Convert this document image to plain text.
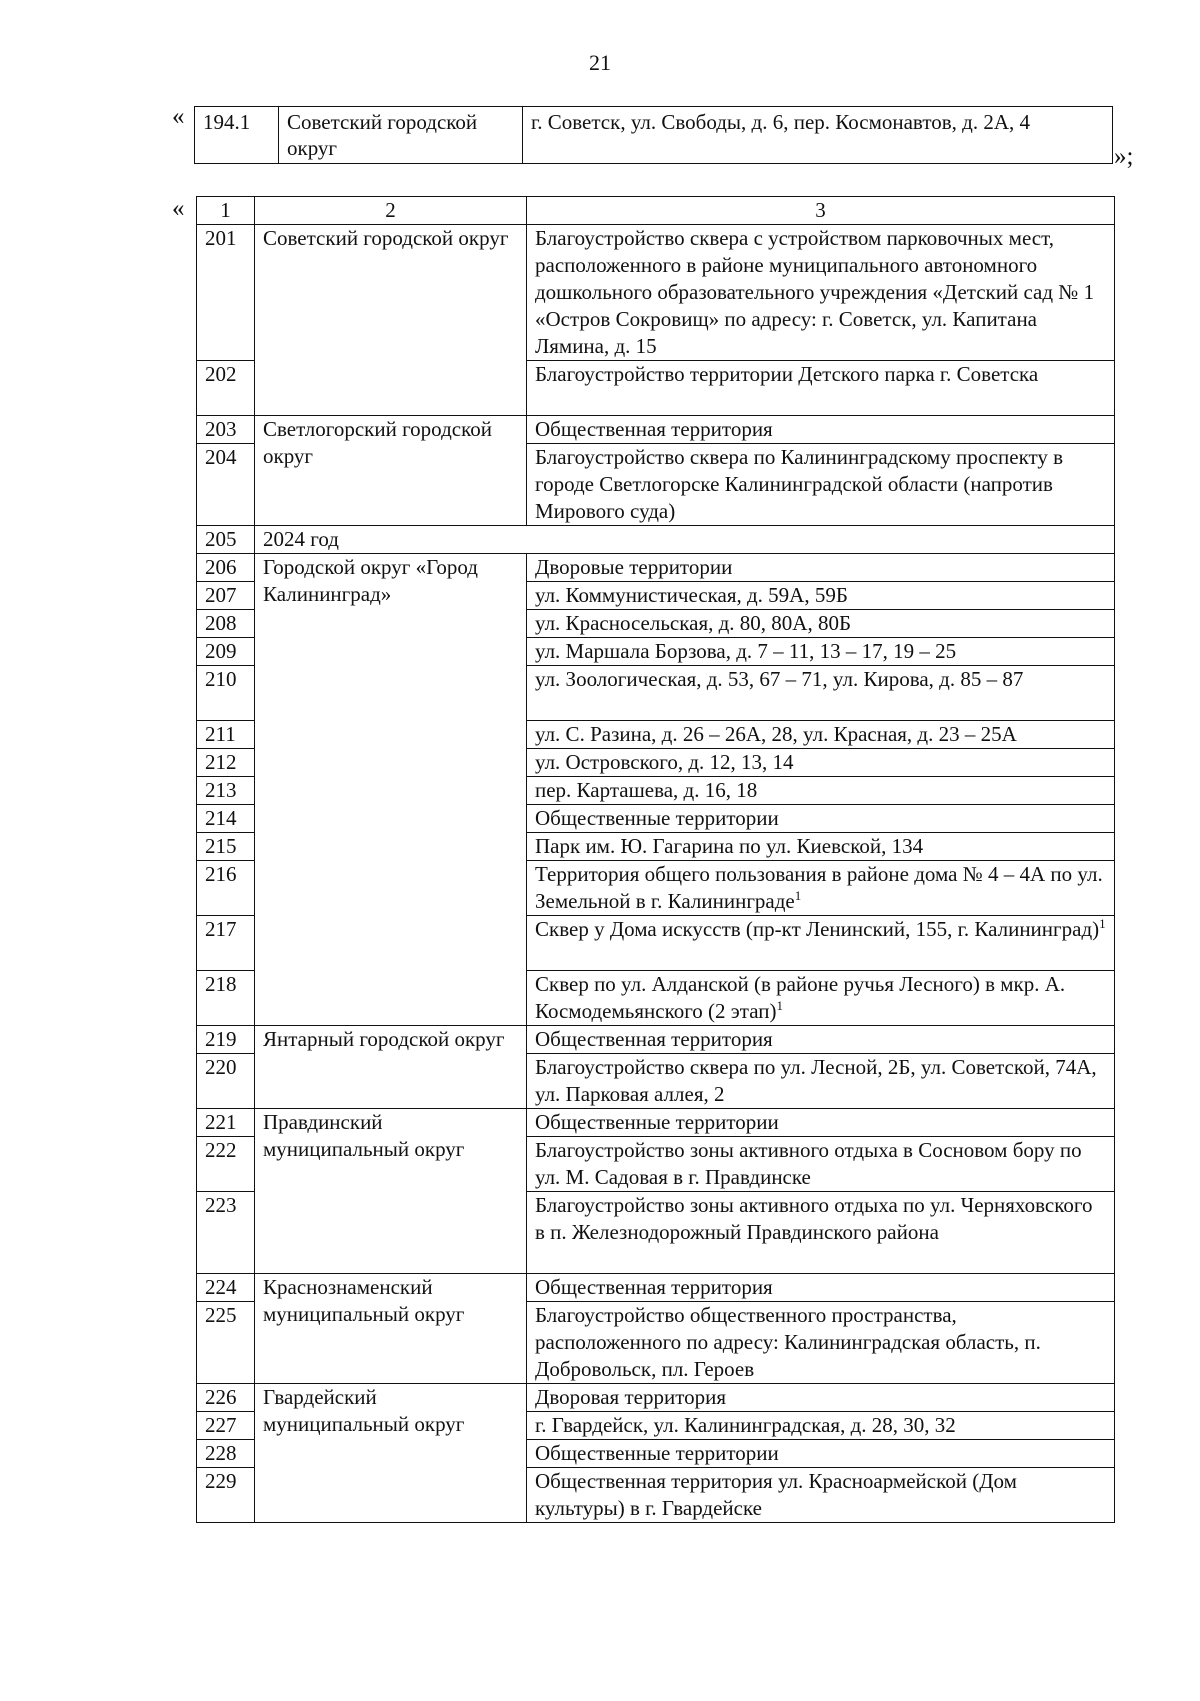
21
«
»;
«
194.1	Советский городской округ	г. Советск, ул. Свободы, д. 6, пер. Космонавтов, д. 2А, 4
1	2	3
201	Советский городской округ	Благоустройство сквера с устройством парковочных мест, расположенного в районе муниципального автономного дошкольного образовательного учреждения «Детский сад № 1 «Остров Сокровищ» по адресу: г. Советск, ул. Капитана Лямина, д. 15
202		Благоустройство территории Детского парка г. Советска
203	Светлогорский городской округ	Общественная территория
204		Благоустройство сквера по Калининградскому проспекту в городе Светлогорске Калининградской области (напротив Мирового суда)
205	2024 год	
206	Городской округ «Город Калининград»	Дворовые территории
207		ул. Коммунистическая, д. 59А, 59Б
208		ул. Красносельская, д. 80, 80А, 80Б
209		ул. Маршала Борзова, д. 7 – 11, 13 – 17, 19 – 25
210		ул. Зоологическая, д. 53, 67 – 71, ул. Кирова, д. 85 – 87
211		ул. С. Разина, д. 26 – 26А, 28, ул. Красная, д. 23 – 25А
212		ул. Островского, д. 12, 13, 14
213		пер. Карташева, д. 16, 18
214		Общественные территории
215		Парк им. Ю. Гагарина по ул. Киевской, 134
216		Территория общего пользования в районе дома № 4 – 4А по ул. Земельной в г. Калининграде$^1$
217		Сквер у Дома искусств (пр-кт Ленинский, 155, г. Калининград)$^1$
218		Сквер по ул. Алданской (в районе ручья Лесного) в мкр. А. Космодемьянского (2 этап)$^1$
219	Янтарный городской округ	Общественная территория
220		Благоустройство сквера по ул. Лесной, 2Б, ул. Советской, 74А, ул. Парковая аллея, 2
221	Правдинский муниципальный округ	Общественные территории
222		Благоустройство зоны активного отдыха в Сосновом бору по ул. М. Садовая в г. Правдинске
223		Благоустройство зоны активного отдыха по ул. Черняховского в п. Железнодорожный Правдинского района
224	Краснознаменский муниципальный округ	Общественная территория
225		Благоустройство общественного пространства, расположенного по адресу: Калининградская область, п. Добровольск, пл. Героев
226	Гвардейский муниципальный округ	Дворовая территория
227		г. Гвардейск, ул. Калининградская, д. 28, 30, 32
228		Общественные территории
229		Общественная территория ул. Красноармейской (Дом культуры) в г. Гвардейске
